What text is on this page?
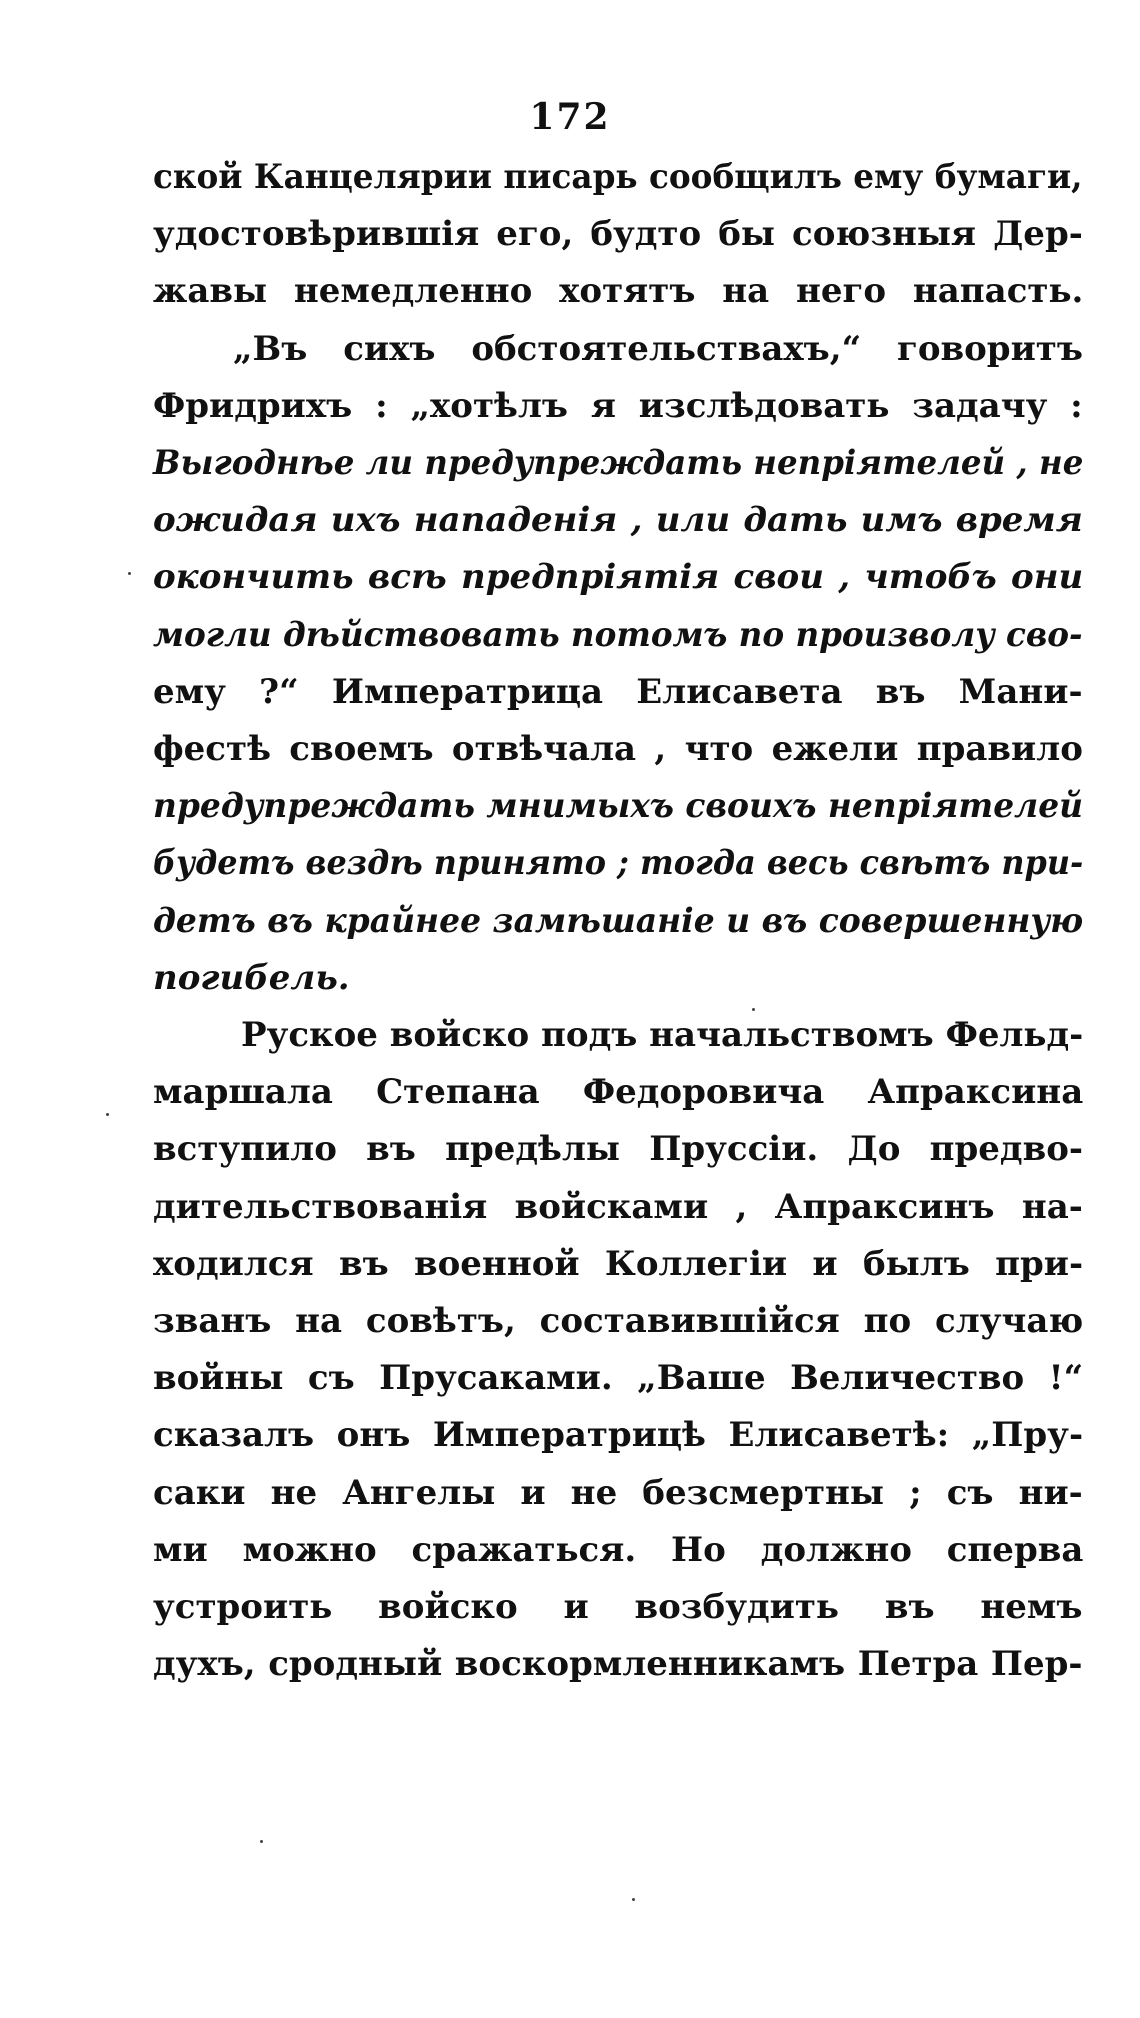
172
ской Канцелярии писарь сообщилъ ему бумаги,
удостовѣрившія его, будто бы союзныя Дер-
жавы немедленно хотятъ на него напасть.
„Въ сихъ обстоятельствахъ,“ говоритъ
Фридрихъ : „хотѣлъ я изслѣдовать задачу :
Выгоднѣе ли предупреждать непріятелей , не
ожидая ихъ нападенія , или дать имъ время
окончить всѣ предпріятія свои , чтобъ они
могли дѣйствовать потомъ по произволу сво-
ему ?“ Императрица Елисавета въ Мани-
фестѣ своемъ отвѣчала , что ежели правило
предупреждать мнимыхъ своихъ непріятелей
будетъ вездѣ принято ; тогда весь свѣтъ при-
детъ въ крайнее замѣшаніе и въ совершенную
погибель.
Руское войско подъ начальствомъ Фельд-
маршала Степана Федоровича Апраксина
вступило въ предѣлы Пруссіи. До предво-
дительствованія войсками , Апраксинъ на-
ходился въ военной Коллегіи и былъ при-
званъ на совѣтъ, составившійся по случаю
войны съ Прусаками. „Ваше Величество !“
сказалъ онъ Императрицѣ Елисаветѣ: „Пру-
саки не Ангелы и не безсмертны ; съ ни-
ми можно сражаться. Но должно сперва
устроить войско и возбудить въ немъ
духъ, сродный воскормленникамъ Петра Пер-
